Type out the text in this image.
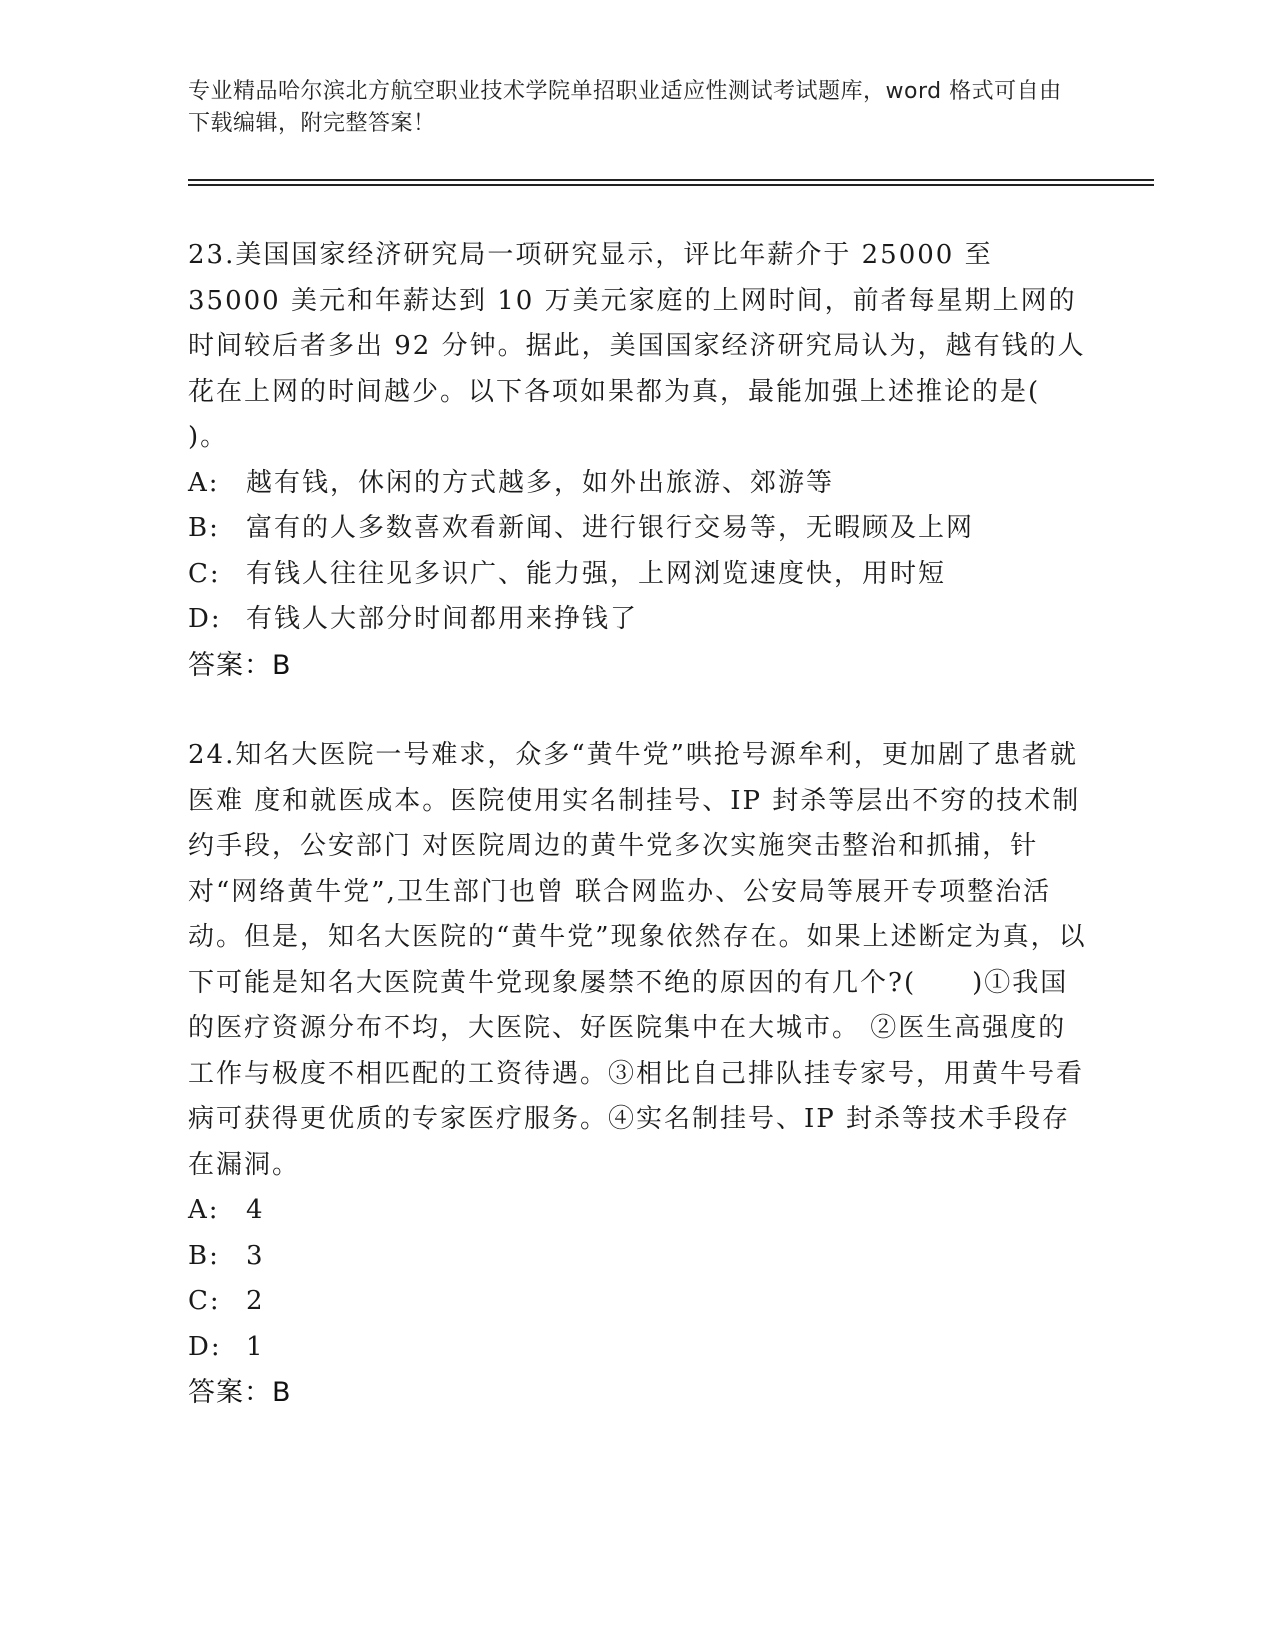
专业精品哈尔滨北方航空职业技术学院单招职业适应性测试考试题库，word 格式可自由下载编辑，附完整答案！

23.美国国家经济研究局一项研究显示，评比年薪介于 25000 至 35000 美元和年薪达到 10 万美元家庭的上网时间，前者每星期上网的时间较后者多出 92 分钟。据此，美国国家经济研究局认为，越有钱的人花在上网的时间越少。以下各项如果都为真，最能加强上述推论的是( )。

A:	越有钱，休闲的方式越多，如外出旅游、郊游等
B:	富有的人多数喜欢看新闻、进行银行交易等，无暇顾及上网
C: 有钱人往往见多识广、能力强，上网浏览速度快，用时短
D: 有钱人大部分时间都用来挣钱了
答案：B

24.知名大医院一号难求，众多“黄牛党”哄抢号源牟利，更加剧了患者就医难 度和就医成本。医院使用实名制挂号、IP 封杀等层出不穷的技术制约手段，公安部门 对医院周边的黄牛党多次实施突击整治和抓捕，针对“网络黄牛党”,卫生部门也曾 联合网监办、公安局等展开专项整治活动。但是，知名大医院的“黄牛党”现象依然存在。如果上述断定为真，以下可能是知名大医院黄牛党现象屡禁不绝的原因的有几个?(　　)①我国的医疗资源分布不均，大医院、好医院集中在大城市。 ②医生高强度的工作与极度不相匹配的工资待遇。③相比自己排队挂专家号，用黄牛号看病可获得更优质的专家医疗服务。④实名制挂号、IP 封杀等技术手段存在漏洞。

A:	4
B:	3
C: 2
D: 1
答案：B
